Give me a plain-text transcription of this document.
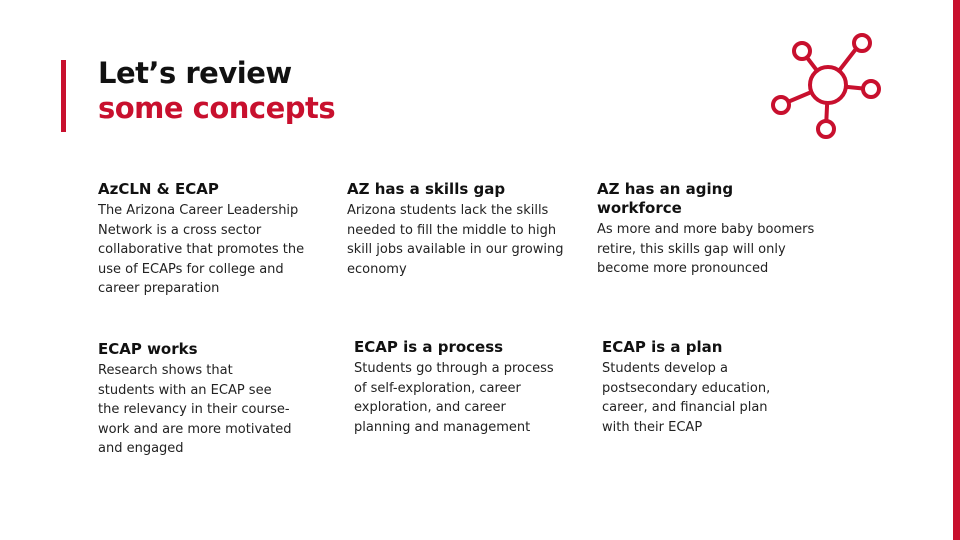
Let’s review
some concepts
AzCLN & ECAP

The Arizona Career Leadership Network is a cross sector collaborative that promotes the use of ECAPs for college and career preparation

AZ has a skills gap

Arizona students lack the skills needed to fill the middle to high skill jobs available in our growing economy

AZ has an aging workforce

As more and more baby boomers retire, this skills gap will only become more pronounced

ECAP works

Research shows that students with an ECAP see the relevancy in their course-work and are more motivated and engaged

ECAP is a process

Students go through a process of self-exploration, career exploration, and career planning and management

ECAP is a plan

Students develop a postsecondary education, career, and financial plan with their ECAP
